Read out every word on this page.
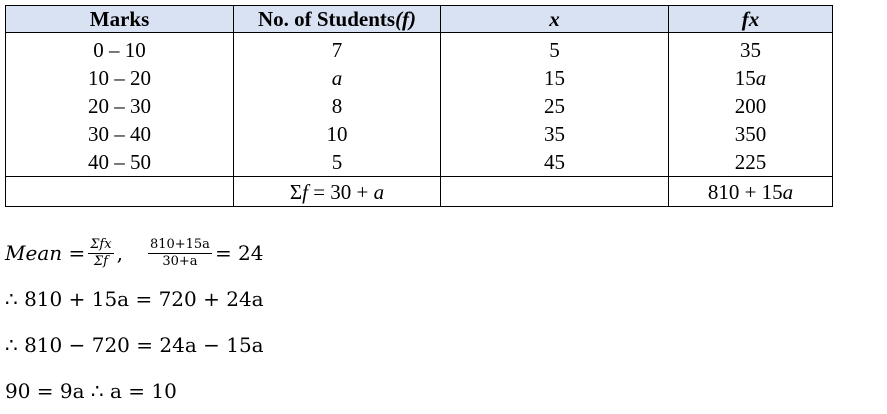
Marks	No. of Students(f)	x	fx
0 – 10	7	5	35
10 – 20	a	15	15a
20 – 30	8	25	200
30 – 40	10	35	350
40 – 50	5	45	225
	Σf = 30 + a		810 + 15a
Mean = $\frac{\text{Σfx}}{\Sigma f}$ , $\frac{810+15a}{30+a} = 24$
∴ 810 + 15a = 720 + 24a
∴ 810 − 720 = 24a − 15a
90 = 9a ∴ a = 10
